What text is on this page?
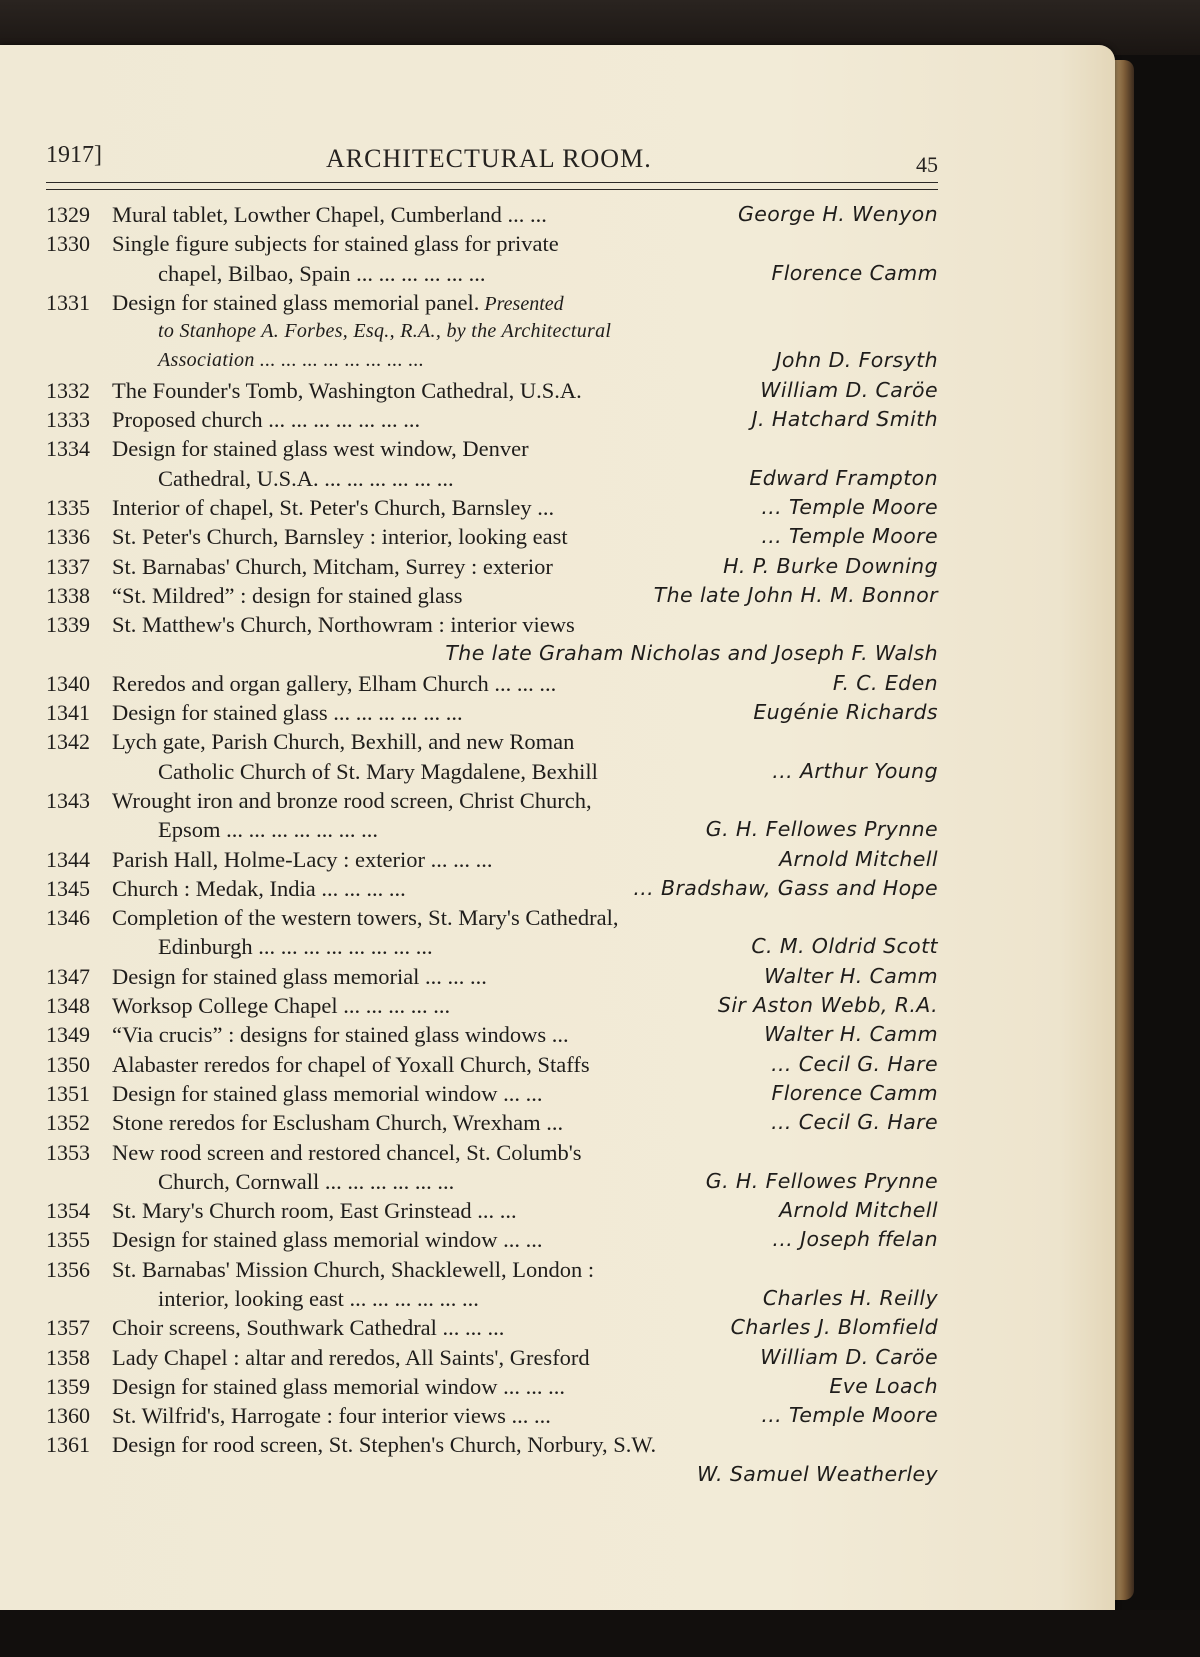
1917]	ARCHITECTURAL ROOM.	45
1329 Mural tablet, Lowther Chapel, Cumberland ... ...	George H. Wenyon
1330 Single figure subjects for stained glass for private
chapel, Bilbao, Spain ... ... ... ... ... ...	Florence Camm
1331 Design for stained glass memorial panel. Presented
to Stanhope A. Forbes, Esq., R.A., by the Architectural
Association ... ... ... ... ... ... ... ...	John D. Forsyth
1332 The Founder's Tomb, Washington Cathedral, U.S.A.	William D. Caröe
1333 Proposed church ... ... ... ... ... ... ...	J. Hatchard Smith
1334 Design for stained glass west window, Denver
Cathedral, U.S.A. ... ... ... ... ... ...	Edward Frampton
1335 Interior of chapel, St. Peter's Church, Barnsley ...	... Temple Moore
1336 St. Peter's Church, Barnsley : interior, looking east	... Temple Moore
1337 St. Barnabas' Church, Mitcham, Surrey : exterior	H. P. Burke Downing
1338 “St. Mildred” : design for stained glass	The late John H. M. Bonnor
1339 St. Matthew's Church, Northowram : interior views
The late Graham Nicholas and Joseph F. Walsh
1340 Reredos and organ gallery, Elham Church ... ... ...	F. C. Eden
1341 Design for stained glass ... ... ... ... ... ...	Eugénie Richards
1342 Lych gate, Parish Church, Bexhill, and new Roman
Catholic Church of St. Mary Magdalene, Bexhill	... Arthur Young
1343 Wrought iron and bronze rood screen, Christ Church,
Epsom ... ... ... ... ... ... ...	G. H. Fellowes Prynne
1344 Parish Hall, Holme-Lacy : exterior ... ... ...	Arnold Mitchell
1345 Church : Medak, India ... ... ... ...	... Bradshaw, Gass and Hope
1346 Completion of the western towers, St. Mary's Cathedral,
Edinburgh ... ... ... ... ... ... ... ...	C. M. Oldrid Scott
1347 Design for stained glass memorial ... ... ...	Walter H. Camm
1348 Worksop College Chapel ... ... ... ... ...	Sir Aston Webb, R.A.
1349 “Via crucis” : designs for stained glass windows ...	Walter H. Camm
1350 Alabaster reredos for chapel of Yoxall Church, Staffs	... Cecil G. Hare
1351 Design for stained glass memorial window ... ...	Florence Camm
1352 Stone reredos for Esclusham Church, Wrexham ...	... Cecil G. Hare
1353 New rood screen and restored chancel, St. Columb's
Church, Cornwall ... ... ... ... ... ...	G. H. Fellowes Prynne
1354 St. Mary's Church room, East Grinstead ... ...	Arnold Mitchell
1355 Design for stained glass memorial window ... ...	... Joseph ffelan
1356 St. Barnabas' Mission Church, Shacklewell, London :
interior, looking east ... ... ... ... ... ...	Charles H. Reilly
1357 Choir screens, Southwark Cathedral ... ... ...	Charles J. Blomfield
1358 Lady Chapel : altar and reredos, All Saints', Gresford	William D. Caröe
1359 Design for stained glass memorial window ... ... ...	Eve Loach
1360 St. Wilfrid's, Harrogate : four interior views ... ...	... Temple Moore
1361 Design for rood screen, St. Stephen's Church, Norbury, S.W.
W. Samuel Weatherley
